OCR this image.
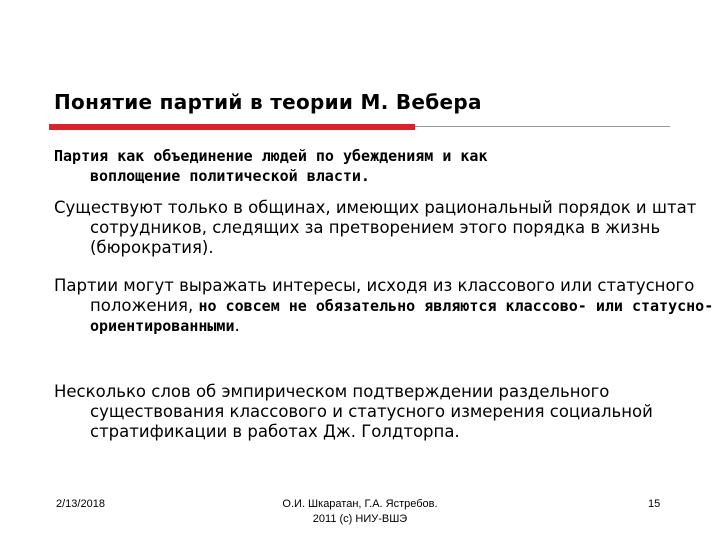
Понятие партий в теории М. Вебера

Партия как объединение людей по убеждениям и как
воплощение политической власти.

Существуют только в общинах, имеющих рациональный порядок и штат сотрудников, следящих за претворением этого порядка в жизнь (бюрократия).

Партии могут выражать интересы, исходя из классового или статусного положения, но совсем не обязательно являются классово- или статусно-ориентированными.

Несколько слов об эмпирическом подтверждении раздельного существования классового и статусного измерения социальной стратификации в работах Дж. Голдторпа.

2/13/2018	О.И. Шкаратан, Г.А. Ястребов.
2011 (с) НИУ-ВШЭ
15
